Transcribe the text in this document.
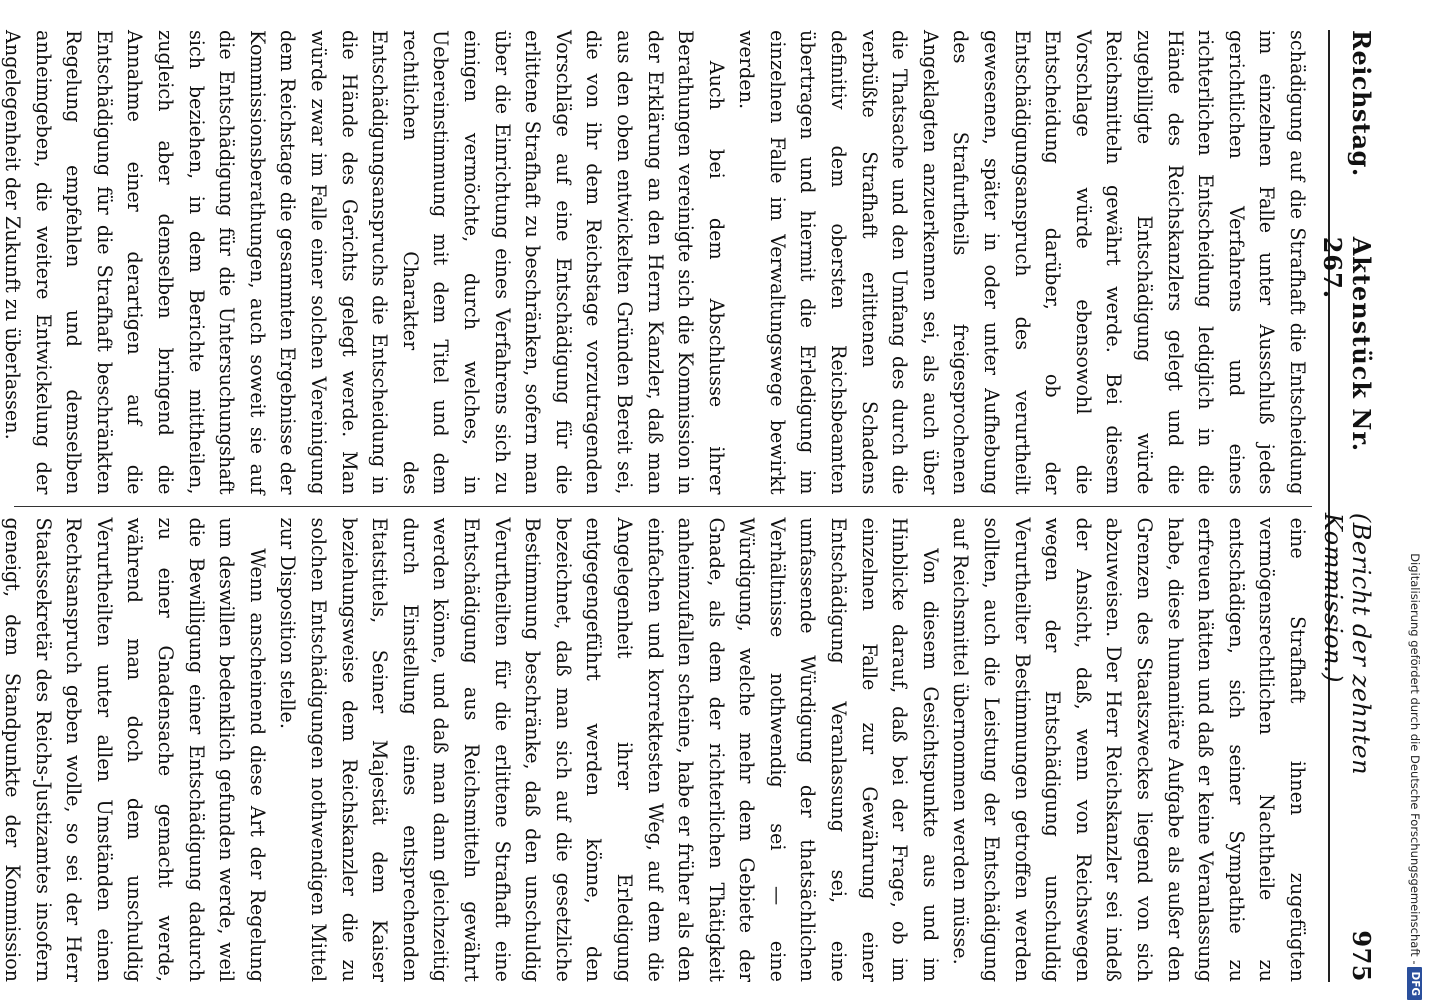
Reichstag.
Aktenstück Nr. 267.
(Bericht der zehnten Kommission.)
975

schädigung auf die Strafhaft die Entscheidung im einzelnen Falle unter Ausschluß jedes gerichtlichen Verfahrens und eines richterlichen Entscheidung lediglich in die Hände des Reichskanzlers gelegt und die zugebilligte Entschädigung würde Reichsmitteln gewährt werde. Bei diesem Vorschlage würde ebensowohl die Entscheidung darüber, ob der Entschädigungsanspruch des verurtheilt gewesenen, später in oder unter Aufhebung des Strafurtheils freigesprochenen Angeklagten anzuerkennen sei, als auch über die Thatsache und den Umfang des durch die verbüßte Strafhaft erlittenen Schadens definitiv dem obersten Reichsbeamten übertragen und hiermit die Erledigung im einzelnen Falle im Verwaltungswege bewirkt werden.

Auch bei dem Abschlusse ihrer Berathungen vereinigte sich die Kommission in der Erklärung an den Herrn Kanzler, daß man aus den oben entwickelten Gründen Bereit sei, die von ihr dem Reichstage vorzutragenden Vorschläge auf eine Entschädigung für die erlittene Strafhaft zu beschränken, sofern man über die Einrichtung eines Verfahrens sich zu einigen vermöchte, durch welches, in Uebereinstimmung mit dem Titel und dem rechtlichen Charakter des Entschädigungsanspruchs die Entscheidung in die Hände des Gerichts gelegt werde. Man würde zwar im Falle einer solchen Vereinigung dem Reichstage die gesammten Ergebnisse der Kommissionsberathungen, auch soweit sie auf die Entschädigung für die Untersuchungshaft sich beziehen, in dem Berichte mittheilen, zugleich aber demselben bringend die Annahme einer derartigen auf die Entschädigung für die Strafhaft beschränkten Regelung empfehlen und demselben anheimgeben, die weitere Entwickelung der Angelegenheit der Zukunft zu überlassen.

eine Strafhaft ihnen zugefügten vermögensrechtlichen Nachtheile zu entschädigen, sich seiner Sympathie zu erfreuen hätten und daß er keine Veranlassung habe, diese humanitäre Aufgabe als außer den Grenzen des Staatszweckes liegend von sich abzuweisen. Der Herr Reichskanzler sei indeß der Ansicht, daß, wenn von Reichswegen wegen der Entschädigung unschuldig Verurtheilter Bestimmungen getroffen werden sollten, auch die Leistung der Entschädigung auf Reichsmittel übernommen werden müsse.

Von diesem Gesichtspunkte aus und im Hinblicke darauf, daß bei der Frage, ob im einzelnen Falle zur Gewährung einer Entschädigung Veranlassung sei, eine umfassende Würdigung der thatsächlichen Verhältnisse nothwendig sei — eine Würdigung, welche mehr dem Gebiete der Gnade, als dem der richterlichen Thätigkeit anheimzufallen scheine, habe er früher als den einfachen und korrektesten Weg, auf dem die Angelegenheit ihrer Erledigung entgegengeführt werden könne, den bezeichnet, daß man sich auf die gesetzliche Bestimmung beschränke, daß den unschuldig Verurtheilten für die erlittene Strafhaft eine Entschädigung aus Reichsmitteln gewährt werden könne, und daß man dann gleichzeitig durch Einstellung eines entsprechenden Etatstitels, Seiner Majestät dem Kaiser beziehungsweise dem Reichskanzler die zu solchen Entschädigungen nothwendigen Mittel zur Disposition stelle.

Wenn anscheinend diese Art der Regelung um deswillen bedenklich gefunden werde, weil die Bewilligung einer Entschädigung dadurch zu einer Gnadensache gemacht werde, während man doch dem unschuldig Verurtheilten unter allen Umständen einen Rechtsanspruch geben wolle, so sei der Herr Staatssekretär des Reichs-Justizamtes insofern geneigt, dem Standpunkte der Kommission	Digitalisierung gefördert durch die Deutsche Forschungsgemeinschaft -
DFG
